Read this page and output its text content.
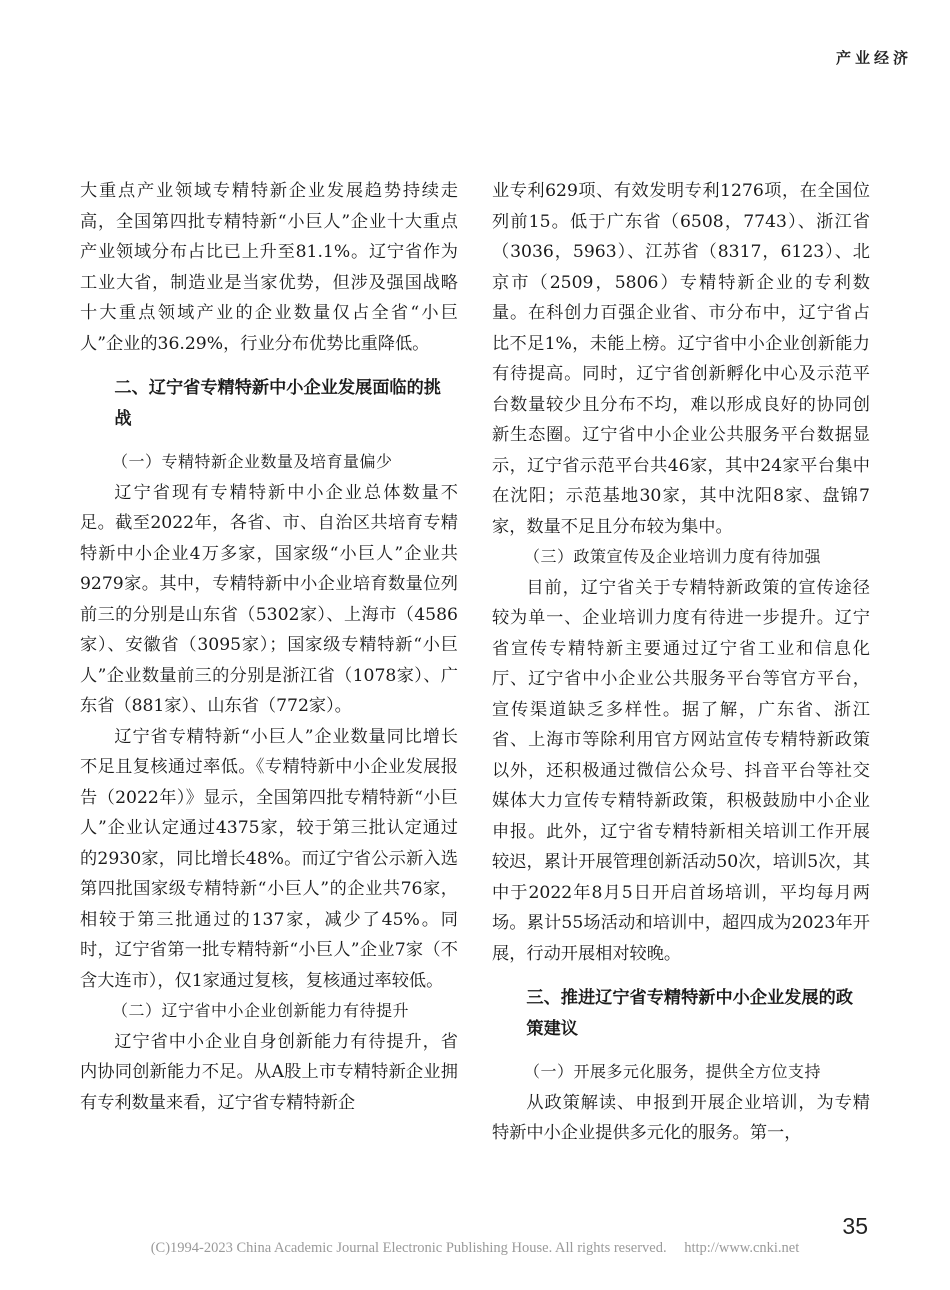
产业经济

大重点产业领域专精特新企业发展趋势持续走高，全国第四批专精特新“小巨人”企业十大重点产业领域分布占比已上升至81.1%。辽宁省作为工业大省，制造业是当家优势，但涉及强国战略十大重点领域产业的企业数量仅占全省“小巨人”企业的36.29%，行业分布优势比重降低。

二、辽宁省专精特新中小企业发展面临的挑战
（一）专精特新企业数量及培育量偏少

辽宁省现有专精特新中小企业总体数量不足。截至2022年，各省、市、自治区共培育专精特新中小企业4万多家，国家级“小巨人”企业共9279家。其中，专精特新中小企业培育数量位列前三的分别是山东省（5302家）、上海市（4586家）、安徽省（3095家）；国家级专精特新“小巨人”企业数量前三的分别是浙江省（1078家）、广东省（881家）、山东省（772家）。

辽宁省专精特新“小巨人”企业数量同比增长不足且复核通过率低。《专精特新中小企业发展报告（2022年）》显示，全国第四批专精特新“小巨人”企业认定通过4375家，较于第三批认定通过的2930家，同比增长48%。而辽宁省公示新入选第四批国家级专精特新“小巨人”的企业共76家，相较于第三批通过的137家，减少了45%。同时，辽宁省第一批专精特新“小巨人”企业7家（不含大连市），仅1家通过复核，复核通过率较低。

（二）辽宁省中小企业创新能力有待提升

辽宁省中小企业自身创新能力有待提升，省内协同创新能力不足。从A股上市专精特新企业拥有专利数量来看，辽宁省专精特新企

业专利629项、有效发明专利1276项，在全国位列前15。低于广东省（6508，7743）、浙江省（3036，5963）、江苏省（8317，6123）、北京市（2509，5806）专精特新企业的专利数量。在科创力百强企业省、市分布中，辽宁省占比不足1%，未能上榜。辽宁省中小企业创新能力有待提高。同时，辽宁省创新孵化中心及示范平台数量较少且分布不均，难以形成良好的协同创新生态圈。辽宁省中小企业公共服务平台数据显示，辽宁省示范平台共46家，其中24家平台集中在沈阳；示范基地30家，其中沈阳8家、盘锦7家，数量不足且分布较为集中。

（三）政策宣传及企业培训力度有待加强

目前，辽宁省关于专精特新政策的宣传途径较为单一、企业培训力度有待进一步提升。辽宁省宣传专精特新主要通过辽宁省工业和信息化厅、辽宁省中小企业公共服务平台等官方平台，宣传渠道缺乏多样性。据了解，广东省、浙江省、上海市等除利用官方网站宣传专精特新政策以外，还积极通过微信公众号、抖音平台等社交媒体大力宣传专精特新政策，积极鼓励中小企业申报。此外，辽宁省专精特新相关培训工作开展较迟，累计开展管理创新活动50次，培训5次，其中于2022年8月5日开启首场培训，平均每月两场。累计55场活动和培训中，超四成为2023年开展，行动开展相对较晚。

三、推进辽宁省专精特新中小企业发展的政策建议
（一）开展多元化服务，提供全方位支持

从政策解读、申报到开展企业培训，为专精特新中小企业提供多元化的服务。第一，

35
(C)1994-2023 China Academic Journal Electronic Publishing House. All rights reserved. http://www.cnki.net
